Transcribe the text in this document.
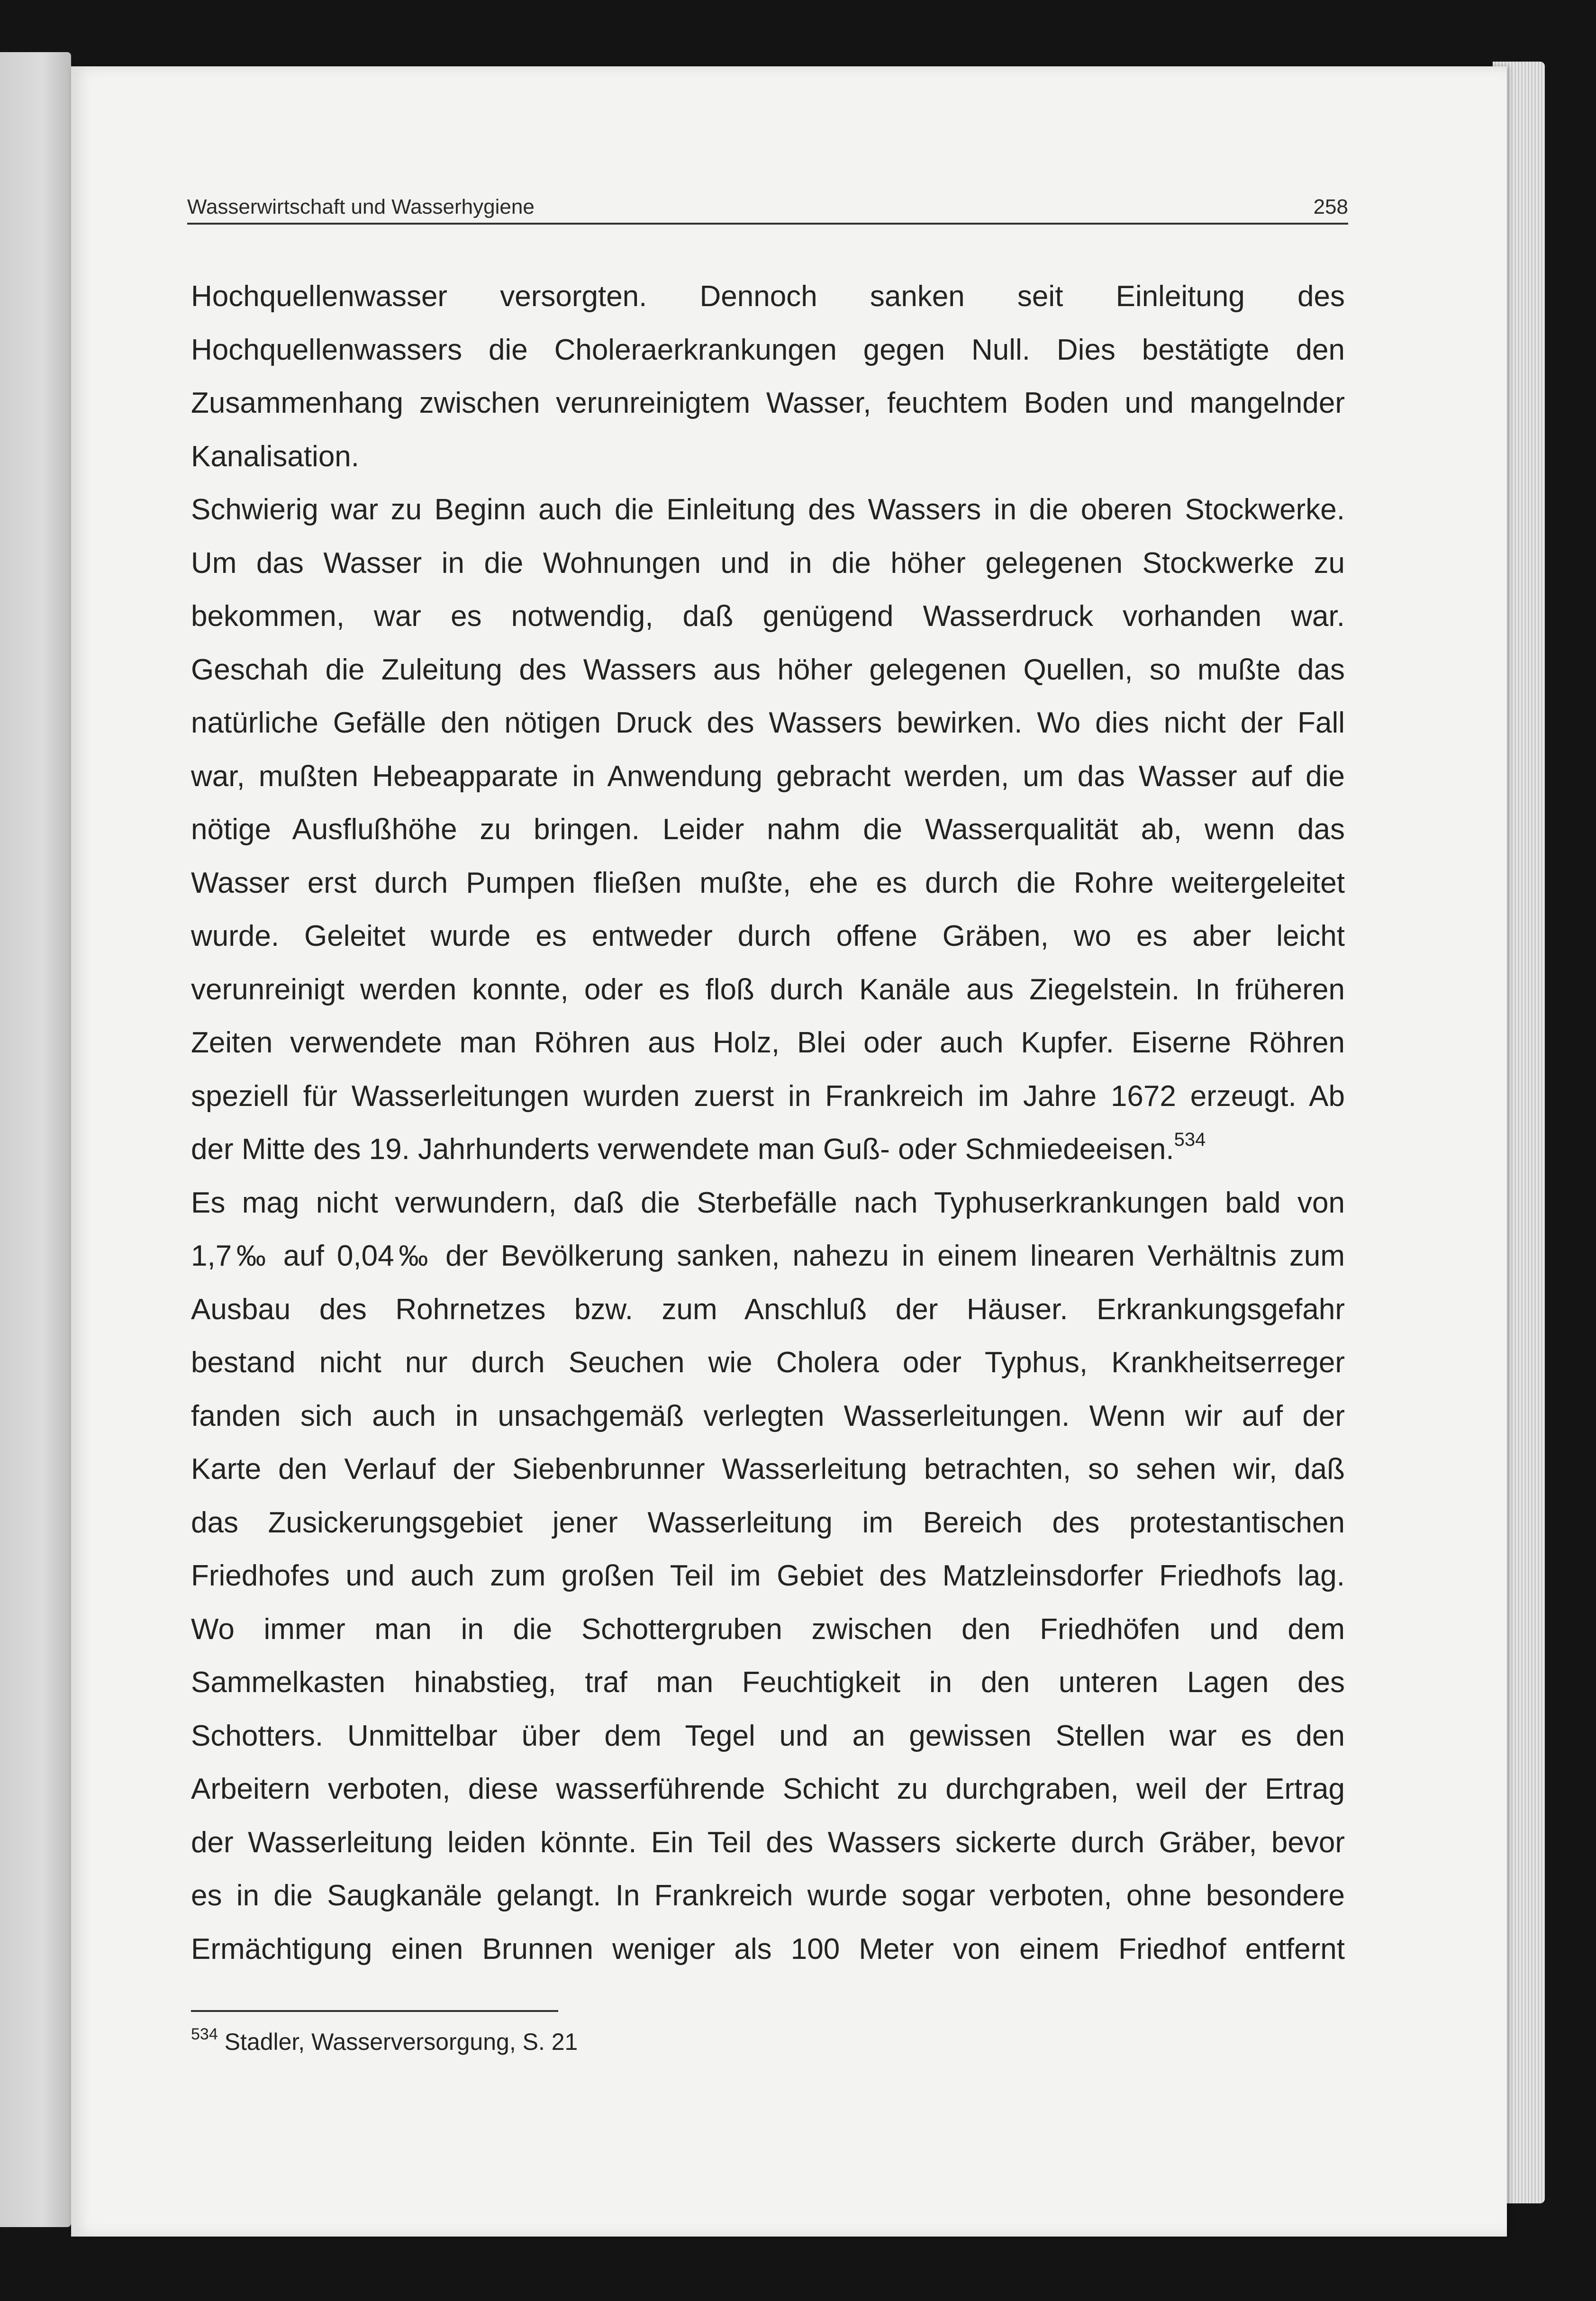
Wasserwirtschaft und Wasserhygiene	258
Hochquellenwasser versorgten. Dennoch sanken seit Einleitung des
Hochquellenwassers die Choleraerkrankungen gegen Null. Dies bestätigte den
Zusammenhang zwischen verunreinigtem Wasser, feuchtem Boden und mangelnder
Kanalisation.
Schwierig war zu Beginn auch die Einleitung des Wassers in die oberen Stockwerke.
Um das Wasser in die Wohnungen und in die höher gelegenen Stockwerke zu
bekommen, war es notwendig, daß genügend Wasserdruck vorhanden war.
Geschah die Zuleitung des Wassers aus höher gelegenen Quellen, so mußte das
natürliche Gefälle den nötigen Druck des Wassers bewirken. Wo dies nicht der Fall
war, mußten Hebeapparate in Anwendung gebracht werden, um das Wasser auf die
nötige Ausflußhöhe zu bringen. Leider nahm die Wasserqualität ab, wenn das
Wasser erst durch Pumpen fließen mußte, ehe es durch die Rohre weitergeleitet
wurde. Geleitet wurde es entweder durch offene Gräben, wo es aber leicht
verunreinigt werden konnte, oder es floß durch Kanäle aus Ziegelstein. In früheren
Zeiten verwendete man Röhren aus Holz, Blei oder auch Kupfer. Eiserne Röhren
speziell für Wasserleitungen wurden zuerst in Frankreich im Jahre 1672 erzeugt. Ab
der Mitte des 19. Jahrhunderts verwendete man Guß- oder Schmiedeeisen.$^{534}$
Es mag nicht verwundern, daß die Sterbefälle nach Typhuserkrankungen bald von
1,7‰ auf 0,04‰ der Bevölkerung sanken, nahezu in einem linearen Verhältnis zum
Ausbau des Rohrnetzes bzw. zum Anschluß der Häuser. Erkrankungsgefahr
bestand nicht nur durch Seuchen wie Cholera oder Typhus, Krankheitserreger
fanden sich auch in unsachgemäß verlegten Wasserleitungen. Wenn wir auf der
Karte den Verlauf der Siebenbrunner Wasserleitung betrachten, so sehen wir, daß
das Zusickerungsgebiet jener Wasserleitung im Bereich des protestantischen
Friedhofes und auch zum großen Teil im Gebiet des Matzleinsdorfer Friedhofs lag.
Wo immer man in die Schottergruben zwischen den Friedhöfen und dem
Sammelkasten hinabstieg, traf man Feuchtigkeit in den unteren Lagen des
Schotters. Unmittelbar über dem Tegel und an gewissen Stellen war es den
Arbeitern verboten, diese wasserführende Schicht zu durchgraben, weil der Ertrag
der Wasserleitung leiden könnte. Ein Teil des Wassers sickerte durch Gräber, bevor
es in die Saugkanäle gelangt. In Frankreich wurde sogar verboten, ohne besondere
Ermächtigung einen Brunnen weniger als 100 Meter von einem Friedhof entfernt
$^{534}$ Stadler, Wasserversorgung, S. 21
